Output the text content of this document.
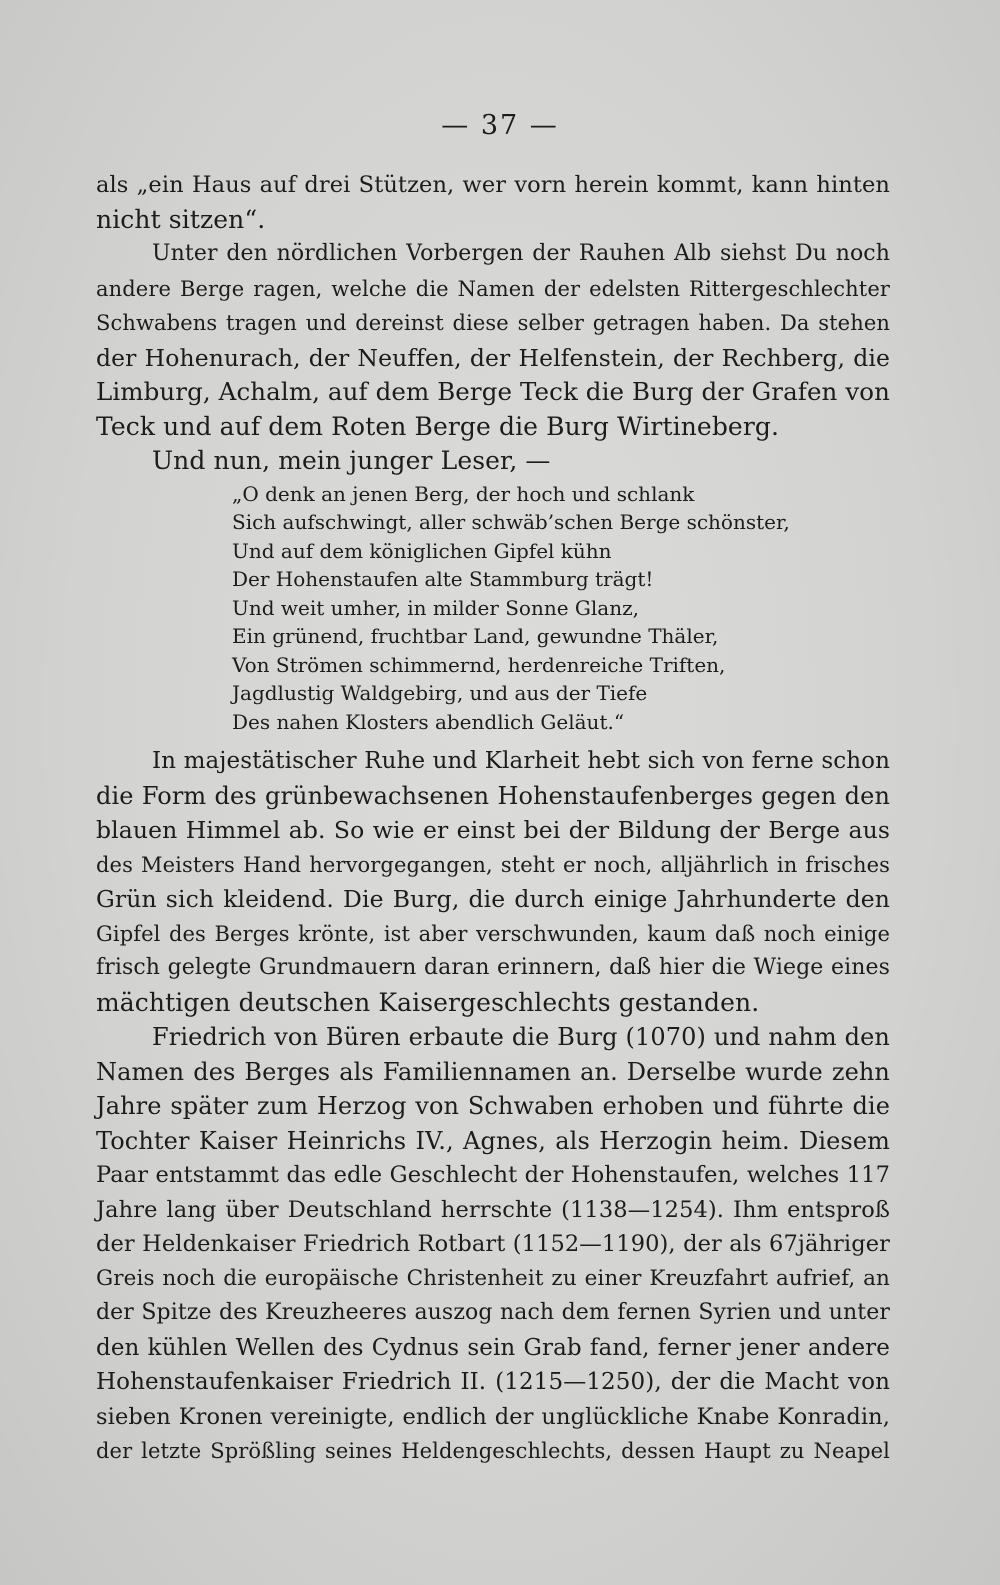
— 37 —
als „ein Haus auf drei Stützen, wer vorn herein kommt, kann hinten
nicht sitzen“.
Unter den nördlichen Vorbergen der Rauhen Alb siehst Du noch
andere Berge ragen, welche die Namen der edelsten Rittergeschlechter
Schwabens tragen und dereinst diese selber getragen haben. Da stehen
der Hohenurach, der Neuffen, der Helfenstein, der Rechberg, die
Limburg, Achalm, auf dem Berge Teck die Burg der Grafen von
Teck und auf dem Roten Berge die Burg Wirtineberg.
Und nun, mein junger Leser, —
„O denk an jenen Berg, der hoch und schlank
Sich aufschwingt, aller schwäb’schen Berge schönster,
Und auf dem königlichen Gipfel kühn
Der Hohenstaufen alte Stammburg trägt!
Und weit umher, in milder Sonne Glanz,
Ein grünend, fruchtbar Land, gewundne Thäler,
Von Strömen schimmernd, herdenreiche Triften,
Jagdlustig Waldgebirg, und aus der Tiefe
Des nahen Klosters abendlich Geläut.“
In majestätischer Ruhe und Klarheit hebt sich von ferne schon
die Form des grünbewachsenen Hohenstaufenberges gegen den
blauen Himmel ab. So wie er einst bei der Bildung der Berge aus
des Meisters Hand hervorgegangen, steht er noch, alljährlich in frisches
Grün sich kleidend. Die Burg, die durch einige Jahrhunderte den
Gipfel des Berges krönte, ist aber verschwunden, kaum daß noch einige
frisch gelegte Grundmauern daran erinnern, daß hier die Wiege eines
mächtigen deutschen Kaisergeschlechts gestanden.
Friedrich von Büren erbaute die Burg (1070) und nahm den
Namen des Berges als Familiennamen an. Derselbe wurde zehn
Jahre später zum Herzog von Schwaben erhoben und führte die
Tochter Kaiser Heinrichs IV., Agnes, als Herzogin heim. Diesem
Paar entstammt das edle Geschlecht der Hohenstaufen, welches 117
Jahre lang über Deutschland herrschte (1138—1254). Ihm entsproß
der Heldenkaiser Friedrich Rotbart (1152—1190), der als 67jähriger
Greis noch die europäische Christenheit zu einer Kreuzfahrt aufrief, an
der Spitze des Kreuzheeres auszog nach dem fernen Syrien und unter
den kühlen Wellen des Cydnus sein Grab fand, ferner jener andere
Hohenstaufenkaiser Friedrich II. (1215—1250), der die Macht von
sieben Kronen vereinigte, endlich der unglückliche Knabe Konradin,
der letzte Sprößling seines Heldengeschlechts, dessen Haupt zu Neapel
